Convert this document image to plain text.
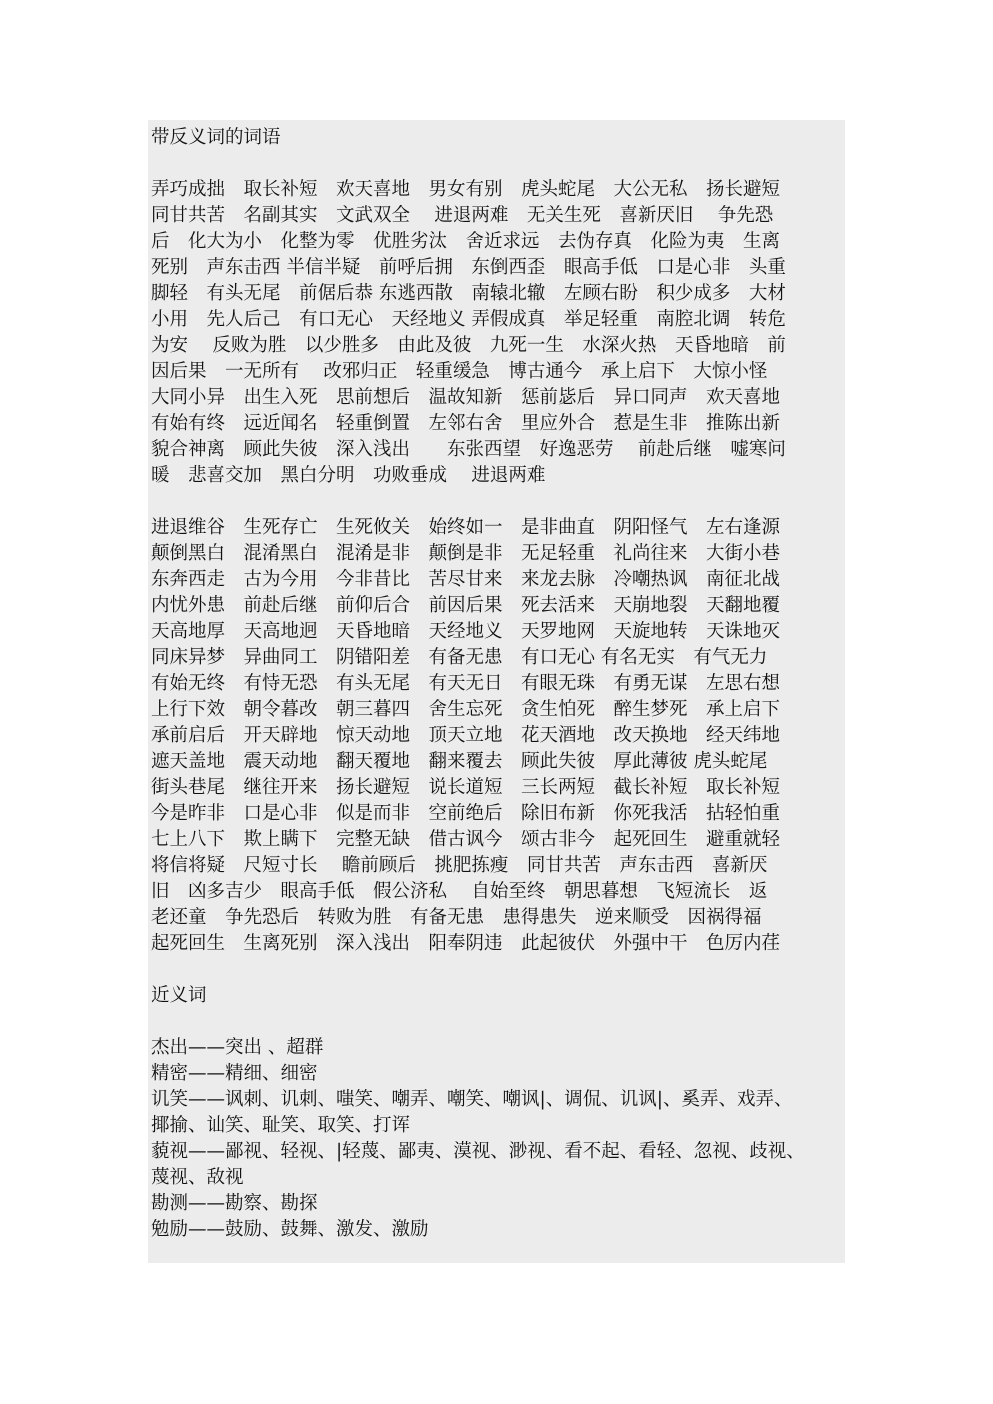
带反义词的词语
弄巧成拙　取长补短　欢天喜地　男女有别　虎头蛇尾　大公无私　扬长避短
同甘共苦　名副其实　文武双全　 进退两难　无关生死　喜新厌旧　 争先恐
后　化大为小　化整为零　优胜劣汰　舍近求远　去伪存真　化险为夷　生离
死别　声东击西 半信半疑　前呼后拥　东倒西歪　眼高手低　口是心非　头重
脚轻　有头无尾　前倨后恭 东逃西散　南辕北辙　左顾右盼　积少成多　大材
小用　先人后己　有口无心　天经地义 弄假成真　举足轻重　南腔北调　转危
为安　 反败为胜　以少胜多　由此及彼　九死一生　水深火热　天昏地暗　前
因后果　一无所有　 改邪归正　轻重缓急　博古通今　承上启下　大惊小怪
大同小异　出生入死　思前想后　温故知新　惩前毖后　异口同声　欢天喜地
有始有终　远近闻名　轻重倒置　左邻右舍　里应外合　惹是生非　推陈出新
貌合神离　顾此失彼　深入浅出　　东张西望　好逸恶劳　 前赴后继　嘘寒问
暖　悲喜交加　黑白分明　功败垂成　 进退两难
进退维谷　生死存亡　生死攸关　始终如一　是非曲直　阴阳怪气　左右逢源
颠倒黑白　混淆黑白　混淆是非　颠倒是非　无足轻重　礼尚往来　大街小巷
东奔西走　古为今用　今非昔比　苦尽甘来　来龙去脉　冷嘲热讽　南征北战
内忧外患　前赴后继　前仰后合　前因后果　死去活来　天崩地裂　天翻地覆
天高地厚　天高地迥　天昏地暗　天经地义　天罗地网　天旋地转　天诛地灭
同床异梦　异曲同工　阴错阳差　有备无患　有口无心 有名无实　有气无力
有始无终　有恃无恐　有头无尾　有天无日　有眼无珠　有勇无谋　左思右想
上行下效　朝令暮改　朝三暮四　舍生忘死　贪生怕死　醉生梦死　承上启下
承前启后　开天辟地　惊天动地　顶天立地　花天酒地　改天换地　经天纬地
遮天盖地　震天动地　翻天覆地　翻来覆去　顾此失彼　厚此薄彼 虎头蛇尾
街头巷尾　继往开来　扬长避短　说长道短　三长两短　截长补短　取长补短
今是昨非　口是心非　似是而非　空前绝后　除旧布新　你死我活　拈轻怕重
七上八下　欺上瞒下　完整无缺　借古讽今　颂古非今　起死回生　避重就轻
将信将疑　尺短寸长　 瞻前顾后　挑肥拣瘦　同甘共苦　声东击西　喜新厌
旧　凶多吉少　眼高手低　假公济私　 自始至终　朝思暮想　飞短流长　返
老还童　争先恐后　转败为胜　有备无患　患得患失　逆来顺受　因祸得福
起死回生　生离死别　深入浅出　阳奉阴违　此起彼伏　外强中干　色厉内荏
近义词
杰出——突出 、超群
精密——精细、细密
讥笑——讽刺、讥刺、嗤笑、嘲弄、嘲笑、嘲讽|、调侃、讥讽|、奚弄、戏弄、
揶揄、讪笑、耻笑、取笑、打诨
藐视——鄙视、轻视、|轻蔑、鄙夷、漠视、渺视、看不起、看轻、忽视、歧视、
蔑视、敌视
勘测——勘察、勘探
勉励——鼓励、鼓舞、激发、激励
